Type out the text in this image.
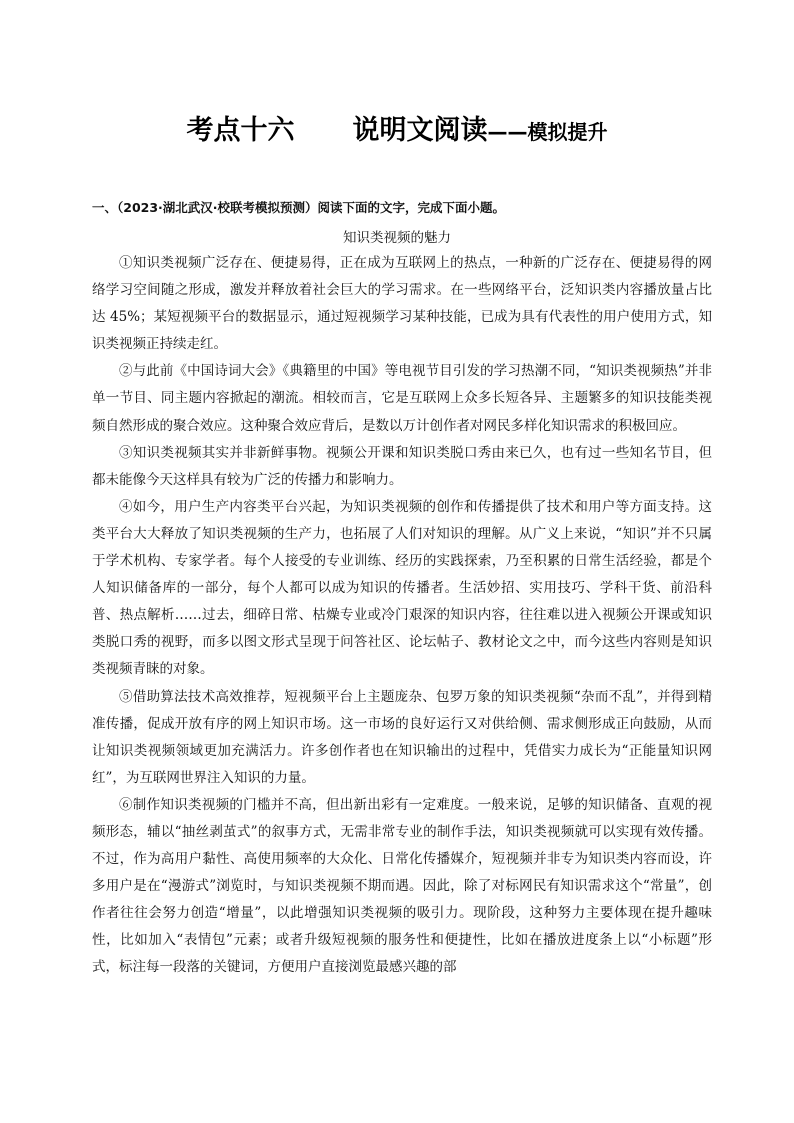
考点十六 说明文阅读——模拟提升
一、（2023·湖北武汉·校联考模拟预测）阅读下面的文字，完成下面小题。
知识类视频的魅力

①知识类视频广泛存在、便捷易得，正在成为互联网上的热点，一种新的广泛存在、便捷易得的网络学习空间随之形成，激发并释放着社会巨大的学习需求。在一些网络平台，泛知识类内容播放量占比达 45%；某短视频平台的数据显示，通过短视频学习某种技能，已成为具有代表性的用户使用方式，知识类视频正持续走红。

②与此前《中国诗词大会》《典籍里的中国》等电视节目引发的学习热潮不同，“知识类视频热”并非单一节目、同主题内容掀起的潮流。相较而言，它是互联网上众多长短各异、主题繁多的知识技能类视频自然形成的聚合效应。这种聚合效应背后，是数以万计创作者对网民多样化知识需求的积极回应。

③知识类视频其实并非新鲜事物。视频公开课和知识类脱口秀由来已久，也有过一些知名节目，但都未能像今天这样具有较为广泛的传播力和影响力。

④如今，用户生产内容类平台兴起，为知识类视频的创作和传播提供了技术和用户等方面支持。这类平台大大释放了知识类视频的生产力，也拓展了人们对知识的理解。从广义上来说，“知识”并不只属于学术机构、专家学者。每个人接受的专业训练、经历的实践探索，乃至积累的日常生活经验，都是个人知识储备库的一部分，每个人都可以成为知识的传播者。生活妙招、实用技巧、学科干货、前沿科普、热点解析……过去，细碎日常、枯燥专业或冷门艰深的知识内容，往往难以进入视频公开课或知识类脱口秀的视野，而多以图文形式呈现于问答社区、论坛帖子、教材论文之中，而今这些内容则是知识类视频青睐的对象。

⑤借助算法技术高效推荐，短视频平台上主题庞杂、包罗万象的知识类视频“杂而不乱”，并得到精准传播，促成开放有序的网上知识市场。这一市场的良好运行又对供给侧、需求侧形成正向鼓励，从而让知识类视频领域更加充满活力。许多创作者也在知识输出的过程中，凭借实力成长为“正能量知识网红”，为互联网世界注入知识的力量。

⑥制作知识类视频的门槛并不高，但出新出彩有一定难度。一般来说，足够的知识储备、直观的视频形态，辅以“抽丝剥茧式”的叙事方式，无需非常专业的制作手法，知识类视频就可以实现有效传播。不过，作为高用户黏性、高使用频率的大众化、日常化传播媒介，短视频并非专为知识类内容而设，许多用户是在“漫游式”浏览时，与知识类视频不期而遇。因此，除了对标网民有知识需求这个“常量”，创作者往往会努力创造“增量”，以此增强知识类视频的吸引力。现阶段，这种努力主要体现在提升趣味性，比如加入“表情包”元素；或者升级短视频的服务性和便捷性，比如在播放进度条上以“小标题”形式，标注每一段落的关键词，方便用户直接浏览最感兴趣的部
